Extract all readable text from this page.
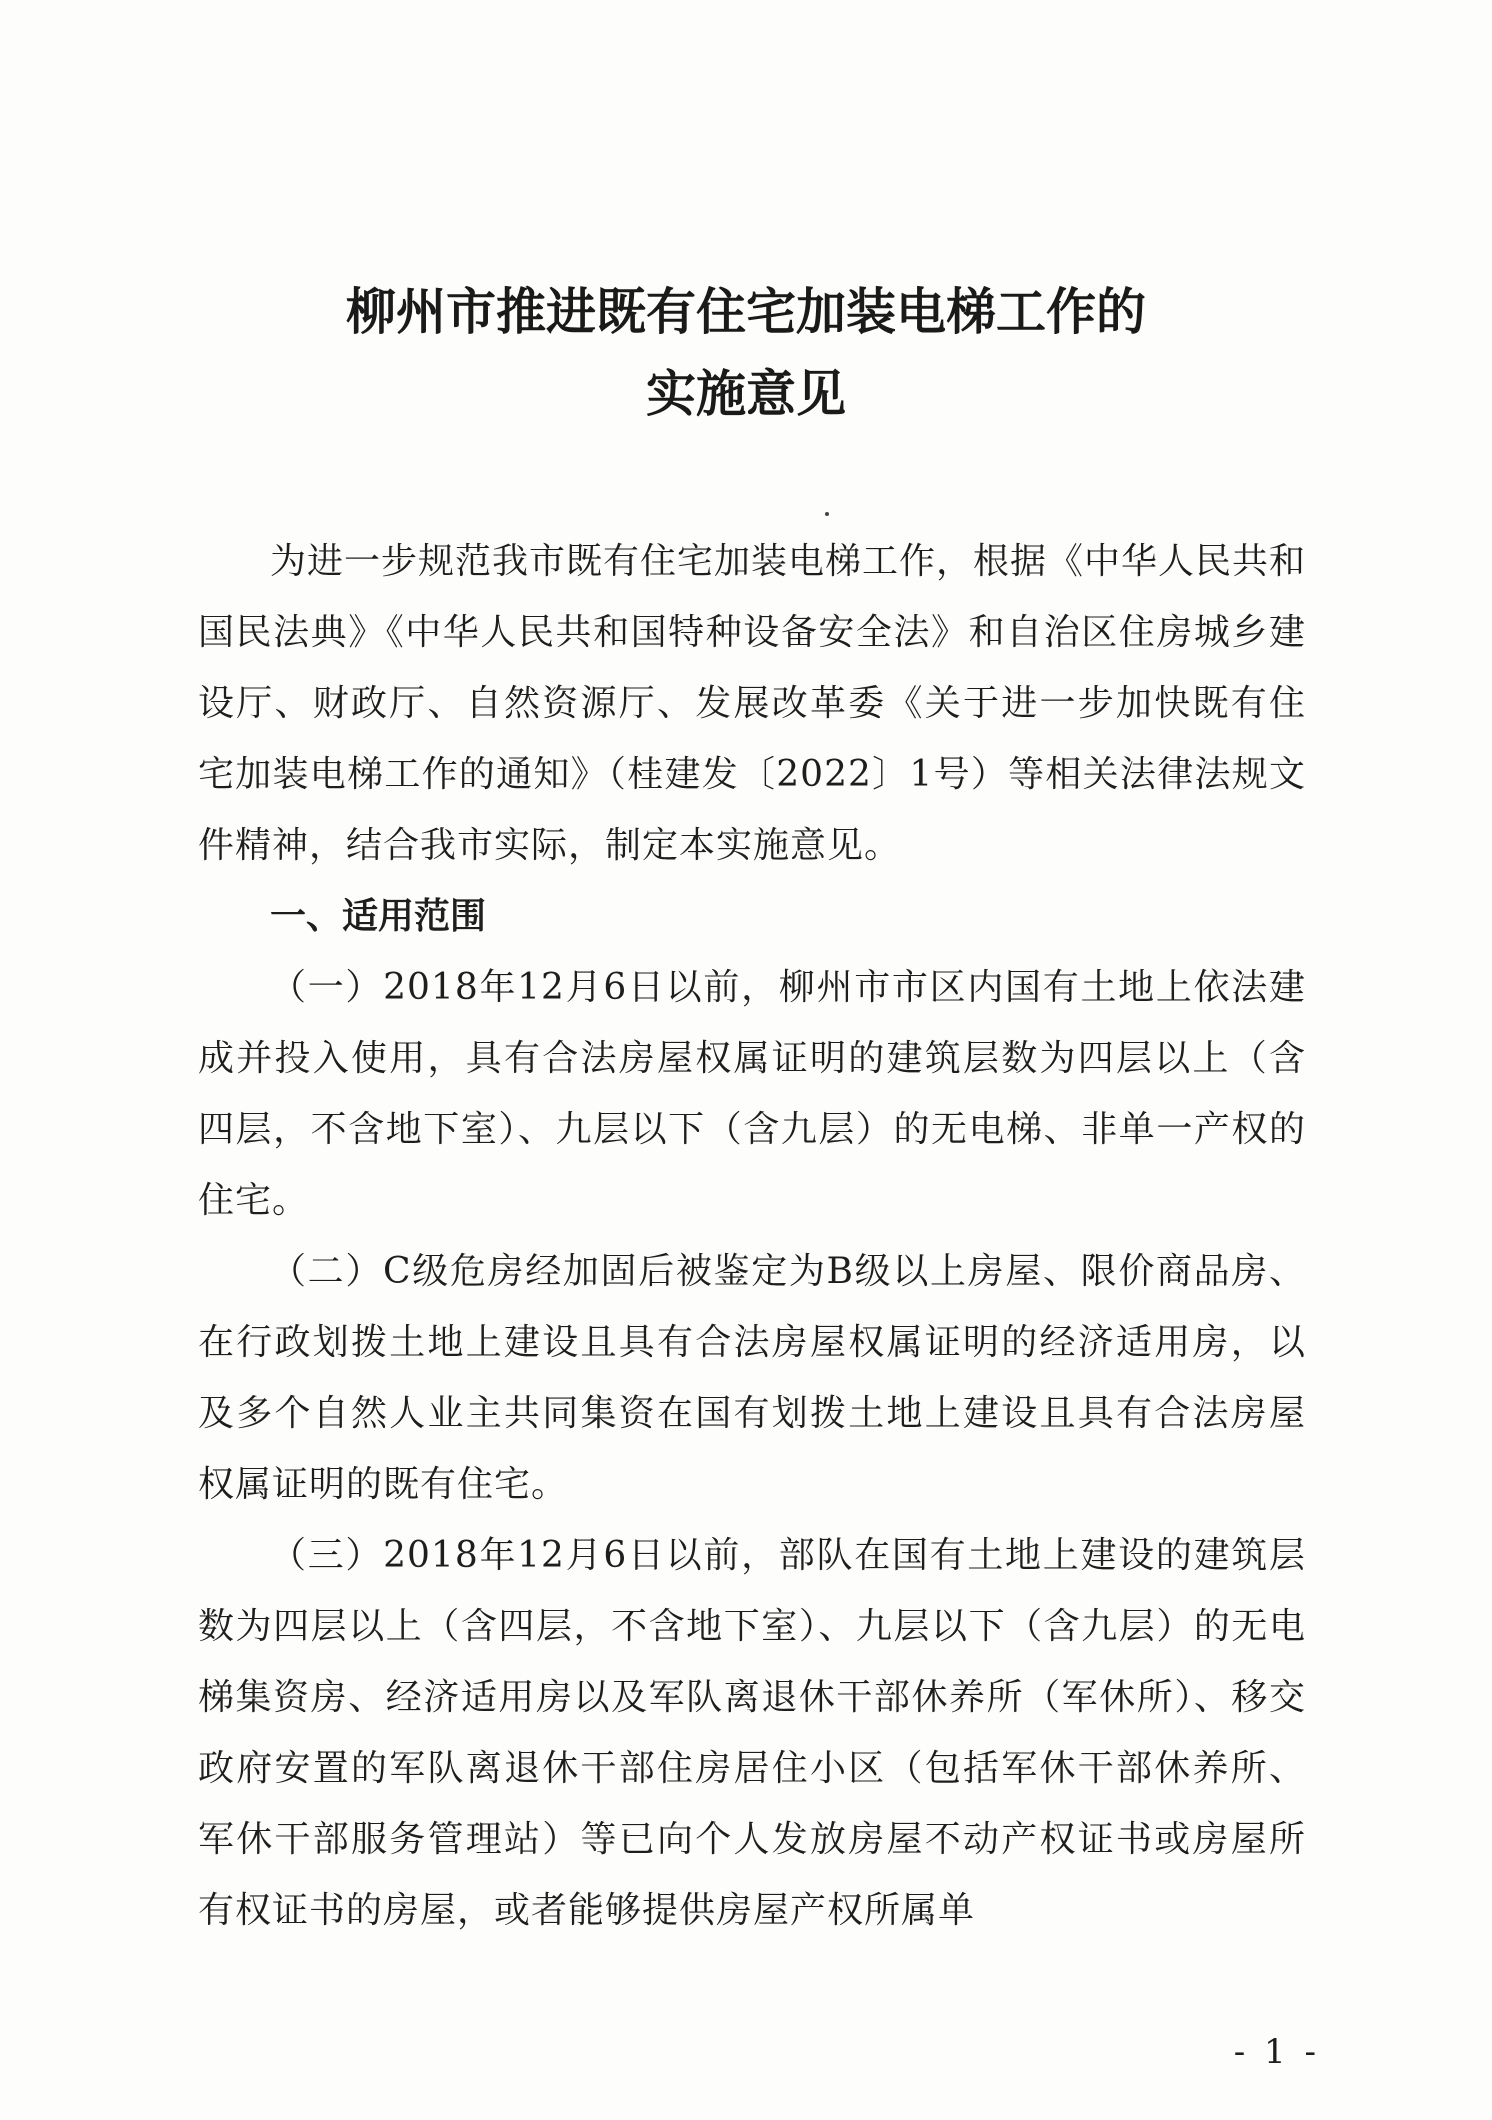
柳州市推进既有住宅加装电梯工作的
实施意见

为进一步规范我市既有住宅加装电梯工作，根据《中华人民共和国民法典》《中华人民共和国特种设备安全法》和自治区住房城乡建设厅、财政厅、自然资源厅、发展改革委《关于进一步加快既有住宅加装电梯工作的通知》（桂建发〔2022〕1号）等相关法律法规文件精神，结合我市实际，制定本实施意见。

一、适用范围

（一）2018年12月6日以前，柳州市市区内国有土地上依法建成并投入使用，具有合法房屋权属证明的建筑层数为四层以上（含四层，不含地下室）、九层以下（含九层）的无电梯、非单一产权的住宅。

（二）C级危房经加固后被鉴定为B级以上房屋、限价商品房、在行政划拨土地上建设且具有合法房屋权属证明的经济适用房，以及多个自然人业主共同集资在国有划拨土地上建设且具有合法房屋权属证明的既有住宅。

（三）2018年12月6日以前，部队在国有土地上建设的建筑层数为四层以上（含四层，不含地下室）、九层以下（含九层）的无电梯集资房、经济适用房以及军队离退休干部休养所（军休所）、移交政府安置的军队离退休干部住房居住小区（包括军休干部休养所、军休干部服务管理站）等已向个人发放房屋不动产权证书或房屋所有权证书的房屋，或者能够提供房屋产权所属单

- 1 -
